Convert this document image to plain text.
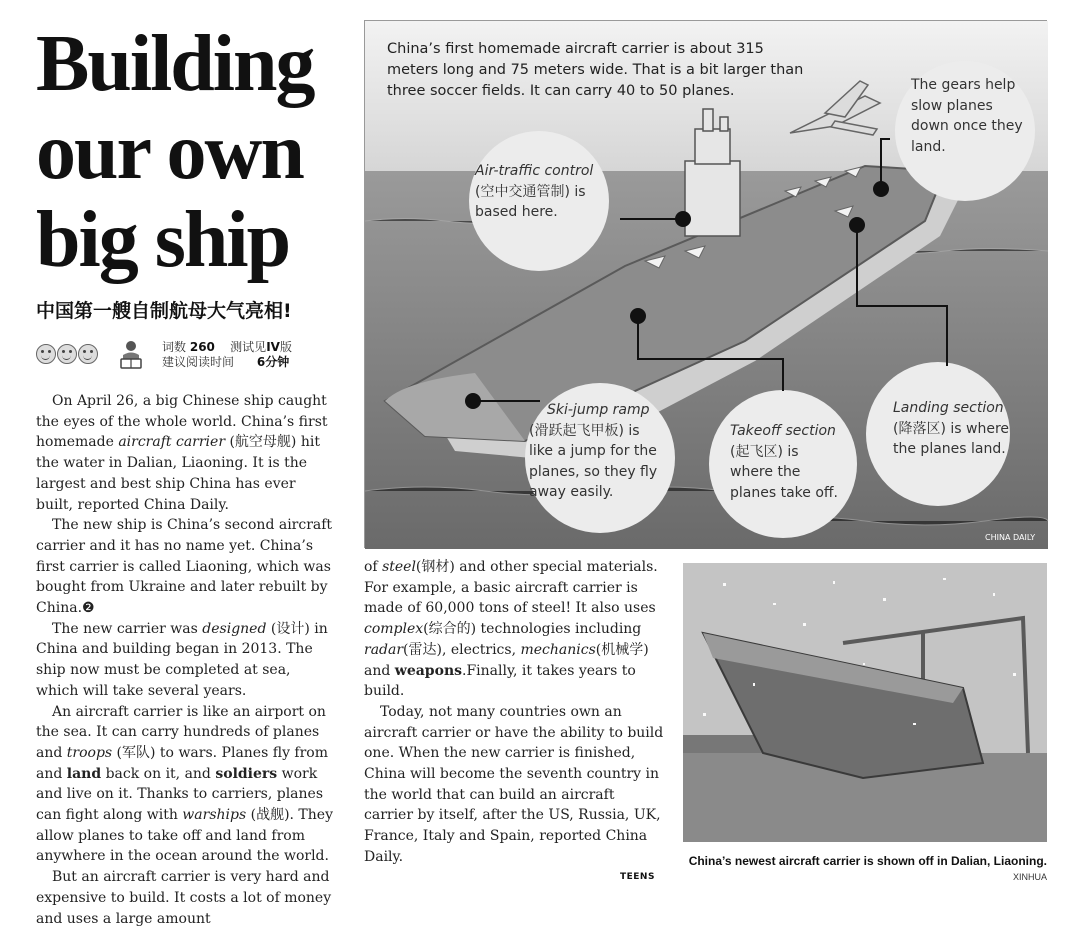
Building
our own
big ship
中国第一艘自制航母大气亮相!
词数 260 测试见IV版
建议阅读时间 6分钟

On April 26, a big Chinese ship caught the eyes of the whole world. China’s first homemade aircraft carrier (航空母舰) hit the water in Dalian, Liaoning. It is the largest and best ship China has ever built, reported China Daily.

The new ship is China’s second aircraft carrier and it has no name yet. China’s first carrier is called Liaoning, which was bought from Ukraine and later rebuilt by China.❷

The new carrier was designed (设计) in China and building began in 2013. The ship now must be completed at sea, which will take several years.

An aircraft carrier is like an airport on the sea. It can carry hundreds of planes and troops (军队) to wars. Planes fly from and land back on it, and soldiers work and live on it. Thanks to carriers, planes can fight along with warships (战舰). They allow planes to take off and land from anywhere in the ocean around the world.

But an aircraft carrier is very hard and expensive to build. It costs a lot of money and uses a large amount

of steel(钢材) and other special materials. For example, a basic aircraft carrier is made of 60,000 tons of steel! It also uses complex(综合的) technologies including radar(雷达), electrics, mechanics(机械学) and weapons.Finally, it takes years to build.

Today, not many countries own an aircraft carrier or have the ability to build one. When the new carrier is finished, China will become the seventh country in the world that can build an aircraft carrier by itself, after the US, Russia, UK, France, Italy and Spain, reported China Daily.

TEENS
China’s first homemade aircraft carrier is about 315 meters long and 75 meters wide. That is a bit larger than three soccer fields. It can carry 40 to 50 planes.
Air-traffic control (空中交通管制) is based here.
The gears help slow planes down once they land.
Ski-jump ramp
(滑跃起飞甲板) is like a jump for the planes, so they fly away easily.
Takeoff section (起飞区) is where the planes take off.
Landing section (降落区) is where the planes land.
CHINA DAILY
China’s newest aircraft carrier is shown off in Dalian, Liaoning.
XINHUA
